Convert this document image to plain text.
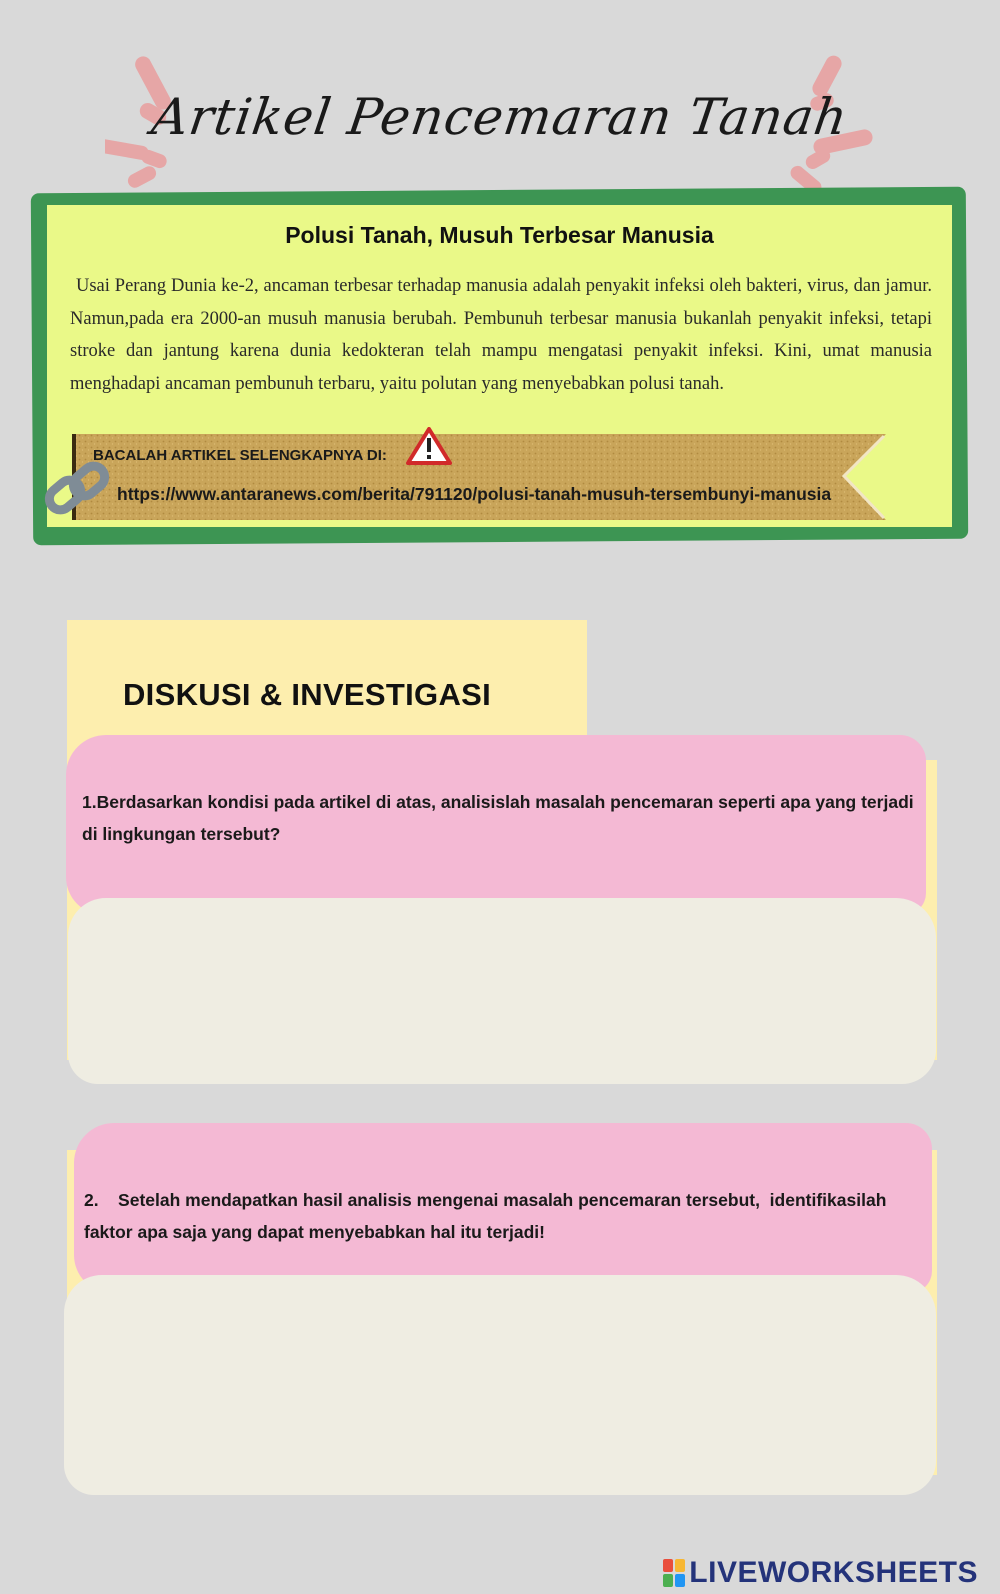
Artikel Pencemaran Tanah
Polusi Tanah, Musuh Terbesar Manusia
Usai Perang Dunia ke-2, ancaman terbesar terhadap manusia adalah penyakit infeksi oleh bakteri, virus, dan jamur. Namun,pada era 2000-an musuh manusia berubah. Pembunuh terbesar manusia bukanlah penyakit infeksi, tetapi stroke dan jantung karena dunia kedokteran telah mampu mengatasi penyakit infeksi. Kini, umat manusia menghadapi ancaman pembunuh terbaru, yaitu polutan yang menyebabkan polusi tanah.
BACALAH ARTIKEL SELENGKAPNYA DI:
https://www.antaranews.com/berita/791120/polusi-tanah-musuh-tersembunyi-manusia
DISKUSI & INVESTIGASI
1.Berdasarkan kondisi pada artikel di atas, analisislah masalah pencemaran seperti apa yang terjadi di lingkungan tersebut?
2.    Setelah mendapatkan hasil analisis mengenai masalah pencemaran tersebut,  identifikasilah faktor apa saja yang dapat menyebabkan hal itu terjadi!
LIVEWORKSHEETS
